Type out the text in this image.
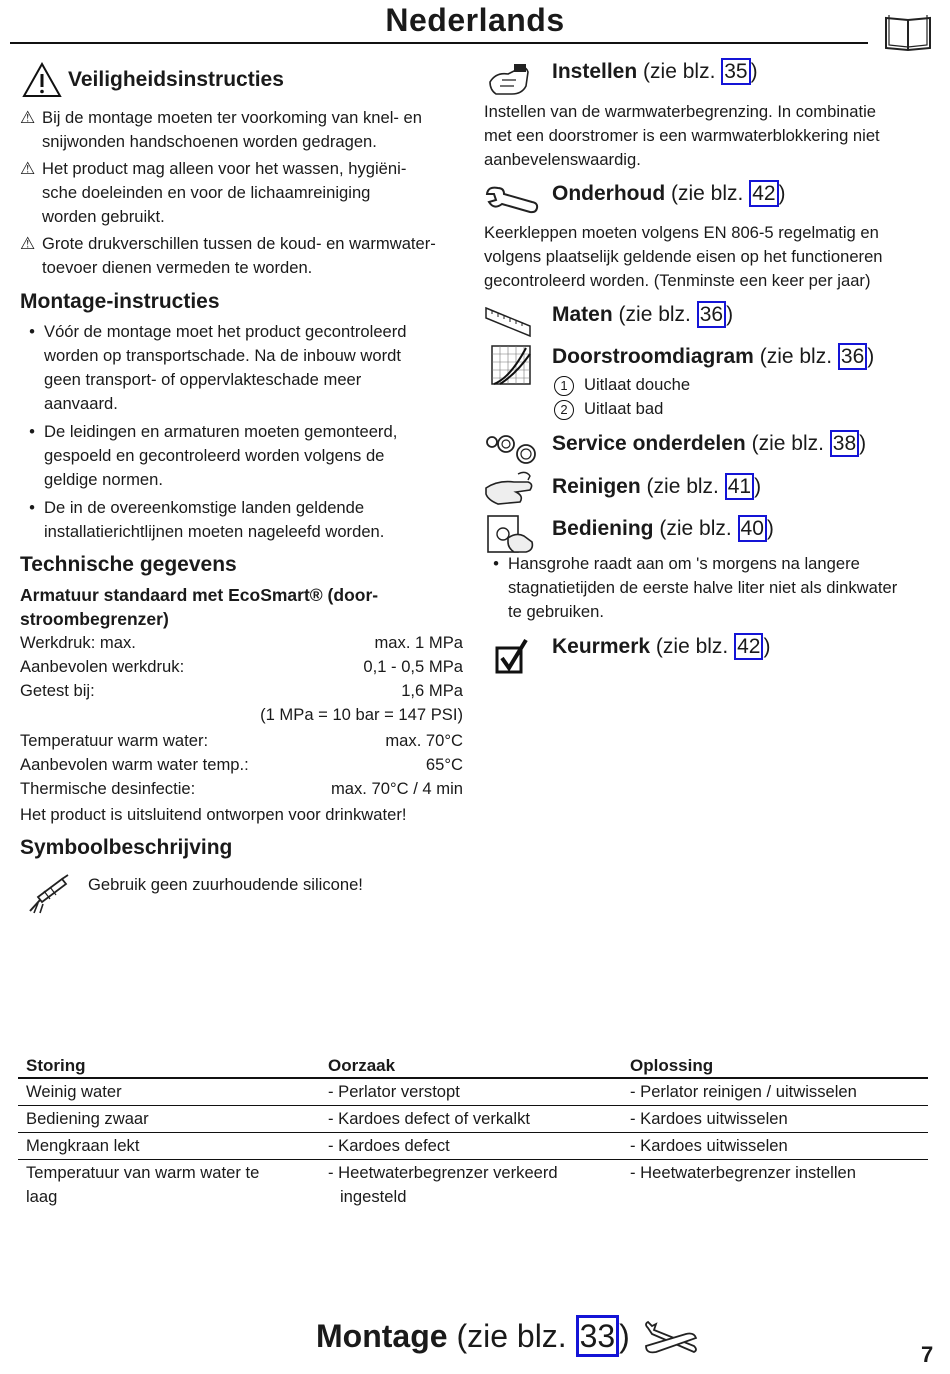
Nederlands
Veiligheidsinstructies
⚠ Bij de montage moeten ter voorkoming van knel- en
snijwonden handschoenen worden gedragen.
⚠ Het product mag alleen voor het wassen, hygiëni-
sche doeleinden en voor de lichaamreiniging
worden gebruikt.
⚠ Grote drukverschillen tussen de koud- en warmwater-
toevoer dienen vermeden te worden.
Montage-instructies
• Vóór de montage moet het product gecontroleerd
worden op transportschade. Na de inbouw wordt
geen transport- of oppervlakteschade meer
aanvaard.
• De leidingen en armaturen moeten gemonteerd,
gespoeld en gecontroleerd worden volgens de
geldige normen.
• De in de overeenkomstige landen geldende
installatierichtlijnen moeten nageleefd worden.
Technische gegevens
Armatuur standaard met EcoSmart® (door-
stroombegrenzer)
Werkdruk: max.	max. 1 MPa
Aanbevolen werkdruk:	0,1 - 0,5 MPa
Getest bij:	1,6 MPa
(1 MPa = 10 bar = 147 PSI)
Temperatuur warm water:	max. 70°C
Aanbevolen warm water temp.:	65°C
Thermische desinfectie:	max. 70°C / 4 min
Het product is uitsluitend ontworpen voor drinkwater!
Symboolbeschrijving
Gebruik geen zuurhoudende silicone!
Instellen (zie blz. 35 )
Instellen van de warmwaterbegrenzing. In combinatie
met een doorstromer is een warmwaterblokkering niet
aanbevelenswaardig.
Onderhoud (zie blz. 42 )
Keerkleppen moeten volgens EN 806-5 regelmatig en
volgens plaatselijk geldende eisen op het functioneren
gecontroleerd worden. (Tenminste een keer per jaar)
Maten (zie blz. 36 )
Doorstroomdiagram (zie blz. 36 )
1 Uitlaat douche
2 Uitlaat bad
Service onderdelen (zie blz. 38 )
Reinigen (zie blz. 41 )
Bediening (zie blz. 40 )
• Hansgrohe raadt aan om 's morgens na langere
stagnatietijden de eerste halve liter niet als dinkwater
te gebruiken.
Keurmerk (zie blz. 42 )
Storing	Oorzaak	Oplossing
Weinig water	- Perlator verstopt	- Perlator reinigen / uitwisselen
Bediening zwaar	- Kardoes defect of verkalkt	- Kardoes uitwisselen
Mengkraan lekt	- Kardoes defect	- Kardoes uitwisselen
Temperatuur van warm water te laag	- Heetwaterbegrenzer verkeerd ingesteld	- Heetwaterbegrenzer instellen
Montage (zie blz. 33 )
7
